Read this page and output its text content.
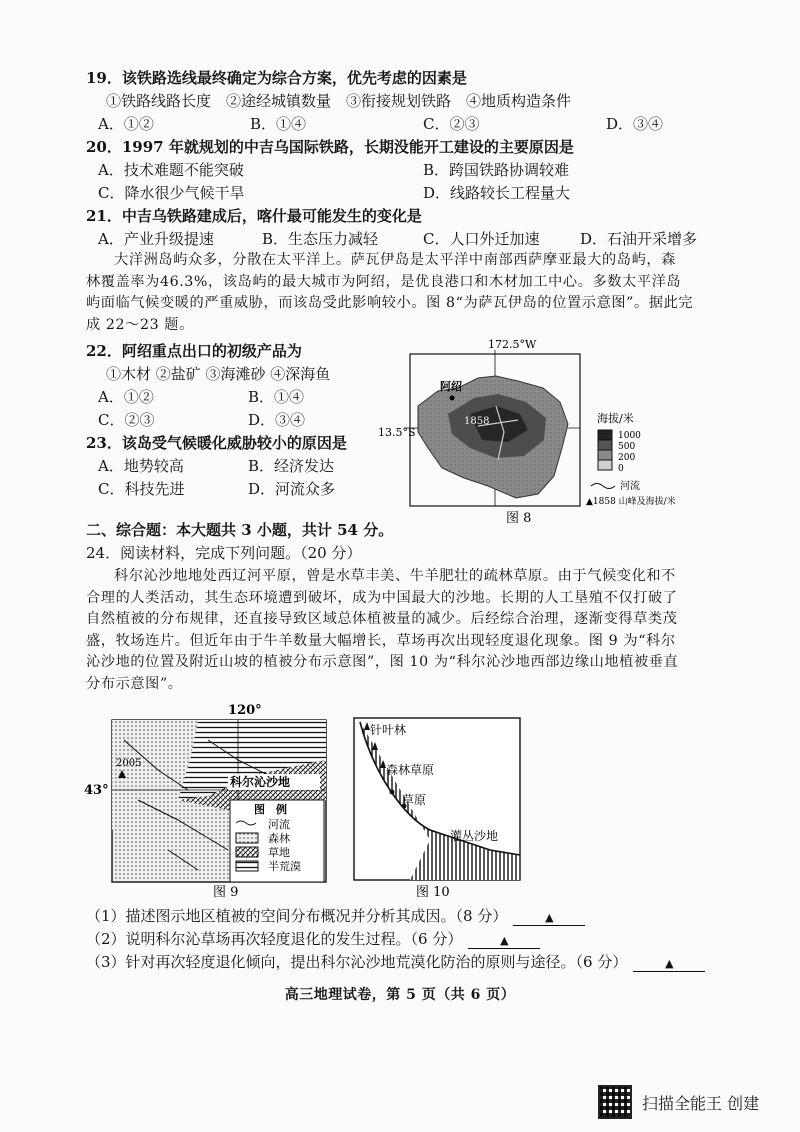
19．该铁路选线最终确定为综合方案，优先考虑的因素是
①铁路线路长度　②途经城镇数量　③衔接规划铁路　④地质构造条件
A．①②	B．①④	C．②③	D．③④
20．1997 年就规划的中吉乌国际铁路，长期没能开工建设的主要原因是
A．技术难题不能突破	B．跨国铁路协调较难
C．降水很少气候干旱	D．线路较长工程量大
21．中吉乌铁路建成后，喀什最可能发生的变化是
A．产业升级提速	B．生态压力减轻	C．人口外迁加速	D．石油开采增多

大洋洲岛屿众多，分散在太平洋上。萨瓦伊岛是太平洋中南部西萨摩亚最大的岛屿，森

林覆盖率为46.3%，该岛屿的最大城市为阿绍，是优良港口和木材加工中心。多数太平洋岛

屿面临气候变暖的严重威胁，而该岛受此影响较小。图 8“为萨瓦伊岛的位置示意图”。据此完

成 22～23 题。

22．阿绍重点出口的初级产品为
①木材 ②盐矿 ③海滩砂 ④深海鱼
A．①②	B．①④
C．②③	D．③④
23．该岛受气候暖化威胁较小的原因是
A．地势较高	B．经济发达
C．科技先进	D．河流众多
172.5°W
13.5°S
阿绍
1858	海拔/米
1000
500
200
0
河流
▲1858 山峰及海拔/米
图 8
二、综合题：本大题共 3 小题，共计 54 分。
24．阅读材料，完成下列问题。（20 分）

科尔沁沙地地处西辽河平原，曾是水草丰美、牛羊肥壮的疏林草原。由于气候变化和不

合理的人类活动，其生态环境遭到破坏，成为中国最大的沙地。长期的人工垦殖不仅打破了

自然植被的分布规律，还直接导致区域总体植被量的减少。后经综合治理，逐渐变得草类茂

盛，牧场连片。但近年由于牛羊数量大幅增长，草场再次出现轻度退化现象。图 9 为“科尔

沁沙地的位置及附近山坡的植被分布示意图”，图 10 为“科尔沁沙地西部边缘山地植被垂直

分布示意图”。

120°
43°
2005
科尔沁沙地
图　例
河流
森林
草地
半荒漠
图 9
针叶林
森林草原
草原
灌丛沙地
图 10
（1）描述图示地区植被的空间分布概况并分析其成因。（8 分）	▲
（2）说明科尔沁草场再次轻度退化的发生过程。（6 分）	▲
（3）针对再次轻度退化倾向，提出科尔沁沙地荒漠化防治的原则与途径。（6 分）	▲
高三地理试卷，第 5 页（共 6 页）
扫描全能王 创建
